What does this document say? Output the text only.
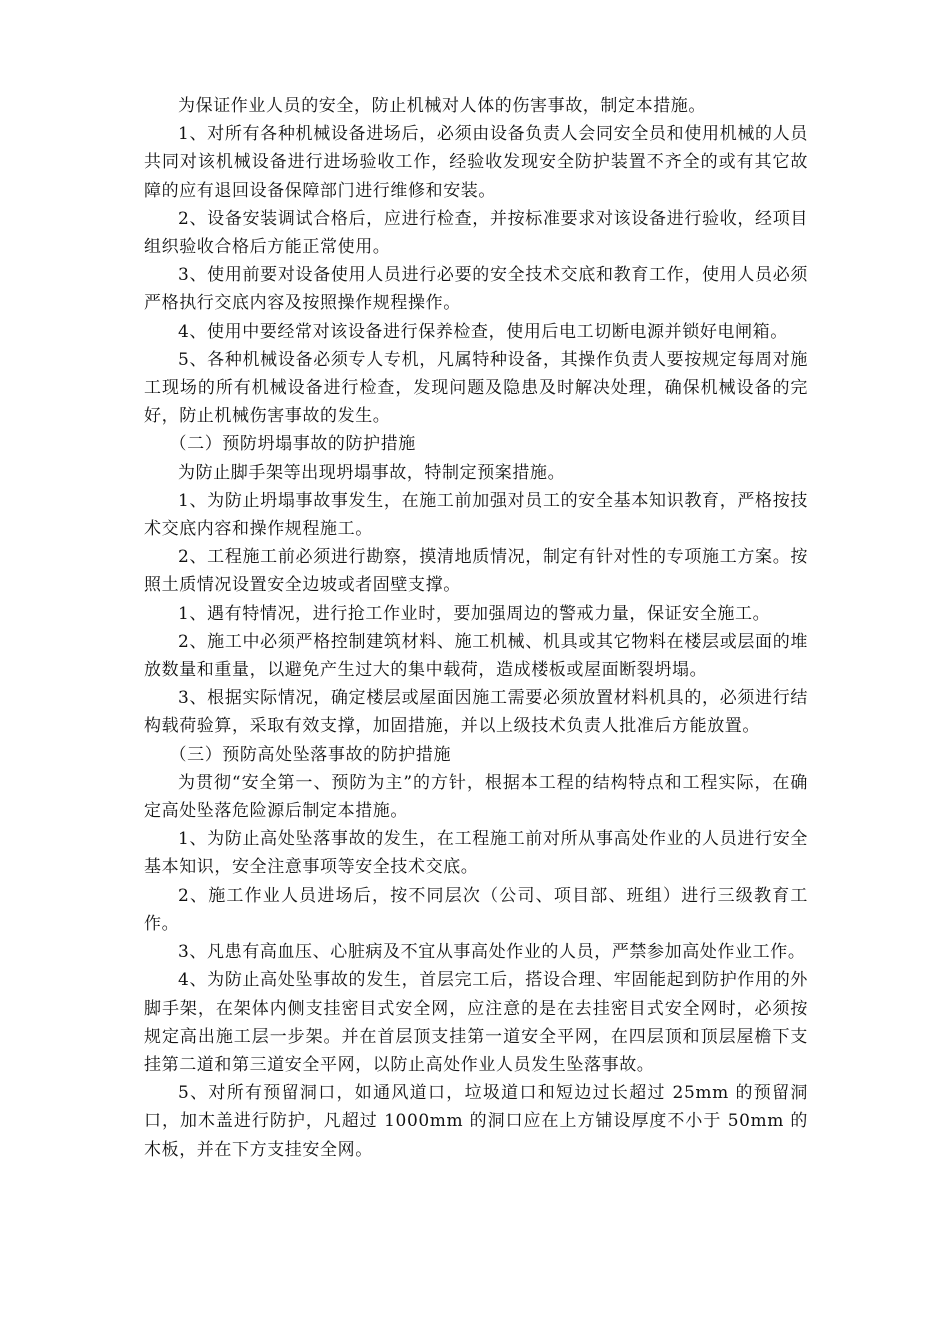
为保证作业人员的安全，防止机械对人体的伤害事故，制定本措施。

1、对所有各种机械设备进场后，必须由设备负责人会同安全员和使用机械的人员共同对该机械设备进行进场验收工作，经验收发现安全防护装置不齐全的或有其它故障的应有退回设备保障部门进行维修和安装。

2、设备安装调试合格后，应进行检查，并按标准要求对该设备进行验收，经项目组织验收合格后方能正常使用。

3、使用前要对设备使用人员进行必要的安全技术交底和教育工作，使用人员必须严格执行交底内容及按照操作规程操作。

4、使用中要经常对该设备进行保养检查，使用后电工切断电源并锁好电闸箱。

5、各种机械设备必须专人专机，凡属特种设备，其操作负责人要按规定每周对施工现场的所有机械设备进行检查，发现问题及隐患及时解决处理，确保机械设备的完好，防止机械伤害事故的发生。

（二）预防坍塌事故的防护措施

为防止脚手架等出现坍塌事故，特制定预案措施。

1、为防止坍塌事故事发生，在施工前加强对员工的安全基本知识教育，严格按技术交底内容和操作规程施工。

2、工程施工前必须进行勘察，摸清地质情况，制定有针对性的专项施工方案。按照土质情况设置安全边坡或者固壁支撑。

1、遇有特情况，进行抢工作业时，要加强周边的警戒力量，保证安全施工。

2、施工中必须严格控制建筑材料、施工机械、机具或其它物料在楼层或层面的堆放数量和重量，以避免产生过大的集中载荷，造成楼板或屋面断裂坍塌。

3、根据实际情况，确定楼层或屋面因施工需要必须放置材料机具的，必须进行结构载荷验算，采取有效支撑，加固措施，并以上级技术负责人批准后方能放置。

（三）预防高处坠落事故的防护措施

为贯彻“安全第一、预防为主”的方针，根据本工程的结构特点和工程实际，在确定高处坠落危险源后制定本措施。

1、为防止高处坠落事故的发生，在工程施工前对所从事高处作业的人员进行安全基本知识，安全注意事项等安全技术交底。

2、施工作业人员进场后，按不同层次（公司、项目部、班组）进行三级教育工作。

3、凡患有高血压、心脏病及不宜从事高处作业的人员，严禁参加高处作业工作。

4、为防止高处坠事故的发生，首层完工后，搭设合理、牢固能起到防护作用的外脚手架，在架体内侧支挂密目式安全网，应注意的是在去挂密目式安全网时，必须按规定高出施工层一步架。并在首层顶支挂第一道安全平网，在四层顶和顶层屋檐下支挂第二道和第三道安全平网，以防止高处作业人员发生坠落事故。

5、对所有预留洞口，如通风道口，垃圾道口和短边过长超过 25mm 的预留洞口，加木盖进行防护，凡超过 1000mm 的洞口应在上方铺设厚度不小于 50mm 的木板，并在下方支挂安全网。
